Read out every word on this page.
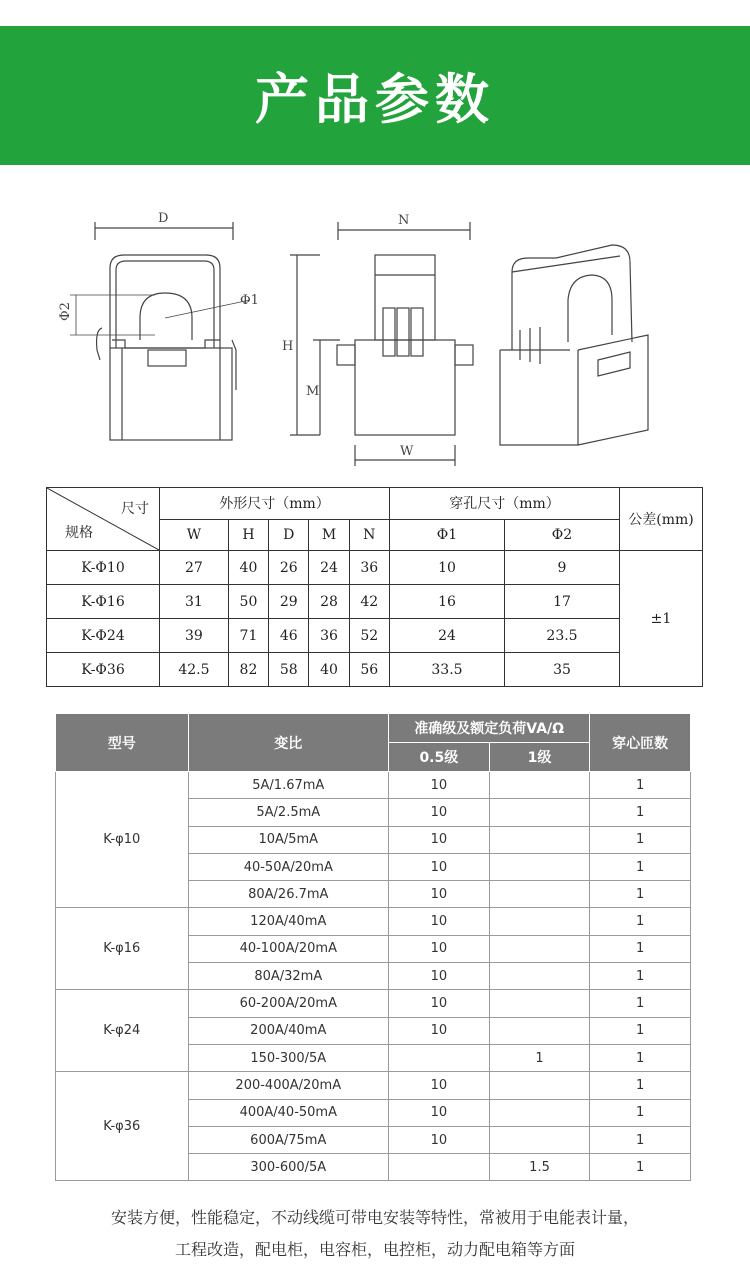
产品参数
D	N
Φ1
Φ2
H
M
W
尺寸
规格	外形尺寸（mm）					穿孔尺寸（mm）		公差(mm)
	W	H	D	M	N	Φ1	Φ2	
K-Φ10	27	40	26	24	36	10	9	±1
K-Φ16	31	50	29	28	42	16	17	
K-Φ24	39	71	46	36	52	24	23.5	
K-Φ36	42.5	82	58	40	56	33.5	35	
型号	变比	准确级及额定负荷VA/Ω		穿心匝数
		0.5级	1级	
K-φ10	5A/1.67mA	10		1
	5A/2.5mA	10		1
	10A/5mA	10		1
	40-50A/20mA	10		1
	80A/26.7mA	10		1
K-φ16	120A/40mA	10		1
	40-100A/20mA	10		1
	80A/32mA	10		1
K-φ24	60-200A/20mA	10		1
	200A/40mA	10		1
	150-300/5A		1	1
K-φ36	200-400A/20mA	10		1
	400A/40-50mA	10		1
	600A/75mA	10		1
	300-600/5A		1.5	1
安装方便，性能稳定，不动线缆可带电安装等特性，常被用于电能表计量，
工程改造，配电柜，电容柜，电控柜，动力配电箱等方面
